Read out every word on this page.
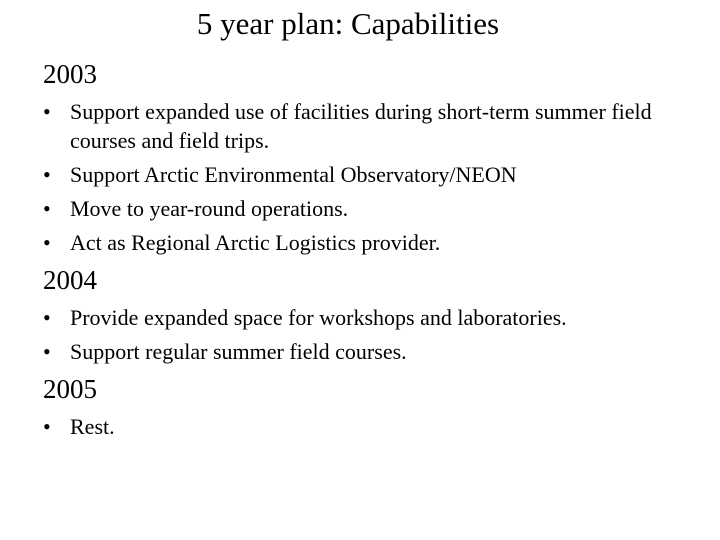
5 year plan: Capabilities
2003
• Support expanded use of facilities during short-term summer field courses and field trips.
• Support Arctic Environmental Observatory/NEON
• Move to year-round operations.
• Act as Regional Arctic Logistics provider.
2004
• Provide expanded space for workshops and laboratories.
• Support regular summer field courses.
2005
• Rest.
